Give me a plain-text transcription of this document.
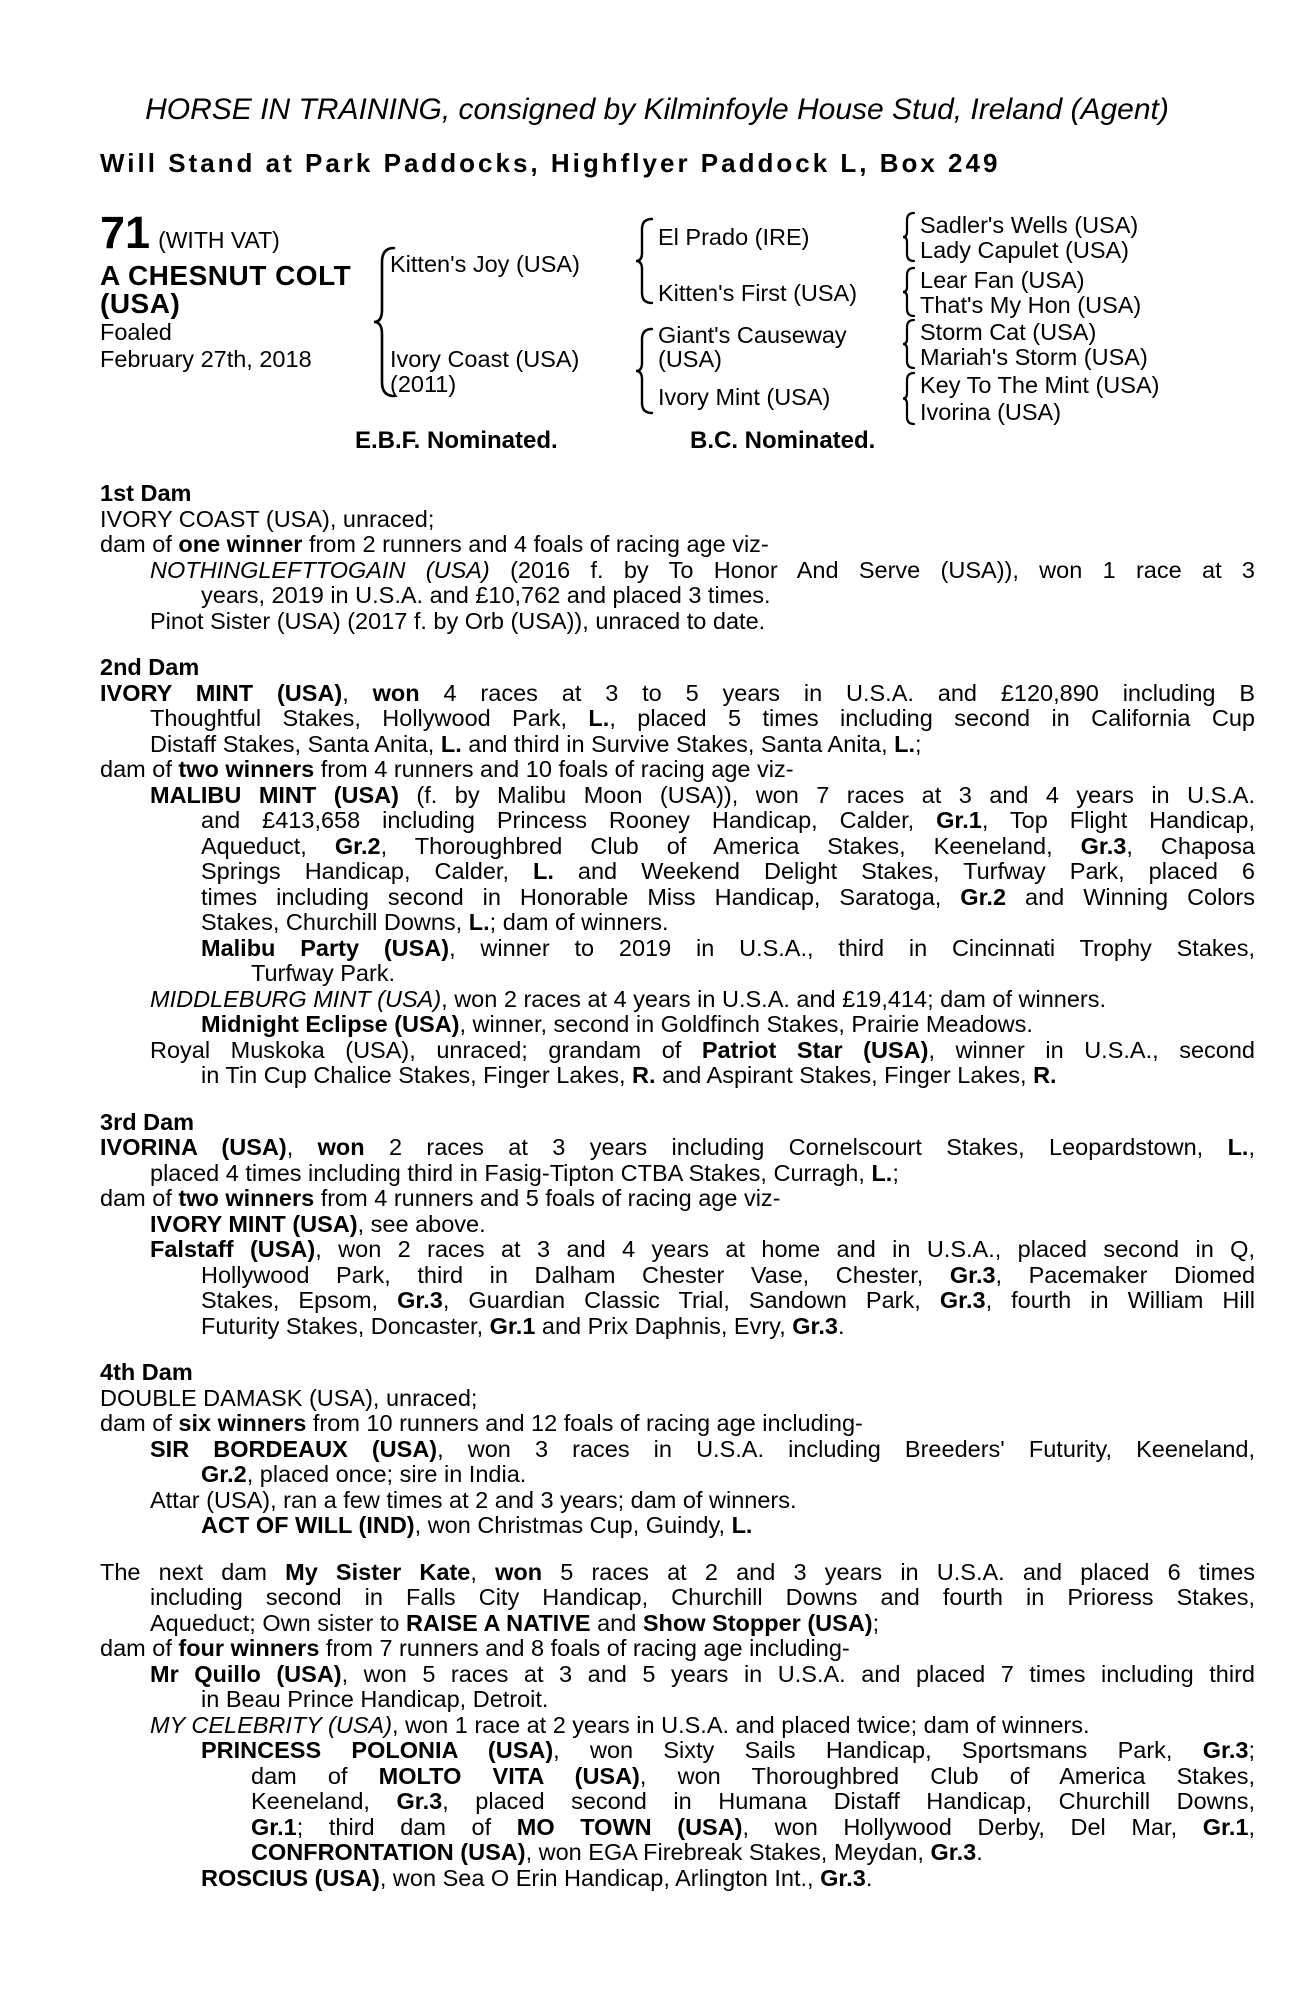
HORSE IN TRAINING, consigned by Kilminfoyle House Stud, Ireland (Agent)
Will Stand at Park Paddocks, Highflyer Paddock L, Box 249
71 (WITH VAT)
A CHESNUT COLT
(USA)
Foaled
February 27th, 2018
Kitten's Joy (USA)
Ivory Coast (USA)
(2011)
El Prado (IRE)
Kitten's First (USA)
Giant's Causeway
(USA)
Ivory Mint (USA)
Sadler's Wells (USA)
Lady Capulet (USA)
Lear Fan (USA)
That's My Hon (USA)
Storm Cat (USA)
Mariah's Storm (USA)
Key To The Mint (USA)
Ivorina (USA)
E.B.F. Nominated.	B.C. Nominated.
1st Dam
IVORY COAST (USA), unraced;
dam of one winner from 2 runners and 4 foals of racing age viz-
NOTHINGLEFTTOGAIN (USA) (2016 f. by To Honor And Serve (USA)), won 1 race at 3
years, 2019 in U.S.A. and £10,762 and placed 3 times.
Pinot Sister (USA) (2017 f. by Orb (USA)), unraced to date.
2nd Dam
IVORY MINT (USA), won 4 races at 3 to 5 years in U.S.A. and £120,890 including B
Thoughtful Stakes, Hollywood Park, L., placed 5 times including second in California Cup
Distaff Stakes, Santa Anita, L. and third in Survive Stakes, Santa Anita, L.;
dam of two winners from 4 runners and 10 foals of racing age viz-
MALIBU MINT (USA) (f. by Malibu Moon (USA)), won 7 races at 3 and 4 years in U.S.A.
and £413,658 including Princess Rooney Handicap, Calder, Gr.1, Top Flight Handicap,
Aqueduct, Gr.2, Thoroughbred Club of America Stakes, Keeneland, Gr.3, Chaposa
Springs Handicap, Calder, L. and Weekend Delight Stakes, Turfway Park, placed 6
times including second in Honorable Miss Handicap, Saratoga, Gr.2 and Winning Colors
Stakes, Churchill Downs, L.; dam of winners.
Malibu Party (USA), winner to 2019 in U.S.A., third in Cincinnati Trophy Stakes,
Turfway Park.
MIDDLEBURG MINT (USA), won 2 races at 4 years in U.S.A. and £19,414; dam of winners.
Midnight Eclipse (USA), winner, second in Goldfinch Stakes, Prairie Meadows.
Royal Muskoka (USA), unraced; grandam of Patriot Star (USA), winner in U.S.A., second
in Tin Cup Chalice Stakes, Finger Lakes, R. and Aspirant Stakes, Finger Lakes, R.
3rd Dam
IVORINA (USA), won 2 races at 3 years including Cornelscourt Stakes, Leopardstown, L.,
placed 4 times including third in Fasig-Tipton CTBA Stakes, Curragh, L.;
dam of two winners from 4 runners and 5 foals of racing age viz-
IVORY MINT (USA), see above.
Falstaff (USA), won 2 races at 3 and 4 years at home and in U.S.A., placed second in Q,
Hollywood Park, third in Dalham Chester Vase, Chester, Gr.3, Pacemaker Diomed
Stakes, Epsom, Gr.3, Guardian Classic Trial, Sandown Park, Gr.3, fourth in William Hill
Futurity Stakes, Doncaster, Gr.1 and Prix Daphnis, Evry, Gr.3.
4th Dam
DOUBLE DAMASK (USA), unraced;
dam of six winners from 10 runners and 12 foals of racing age including-
SIR BORDEAUX (USA), won 3 races in U.S.A. including Breeders' Futurity, Keeneland,
Gr.2, placed once; sire in India.
Attar (USA), ran a few times at 2 and 3 years; dam of winners.
ACT OF WILL (IND), won Christmas Cup, Guindy, L.
The next dam My Sister Kate, won 5 races at 2 and 3 years in U.S.A. and placed 6 times
including second in Falls City Handicap, Churchill Downs and fourth in Prioress Stakes,
Aqueduct; Own sister to RAISE A NATIVE and Show Stopper (USA);
dam of four winners from 7 runners and 8 foals of racing age including-
Mr Quillo (USA), won 5 races at 3 and 5 years in U.S.A. and placed 7 times including third
in Beau Prince Handicap, Detroit.
MY CELEBRITY (USA), won 1 race at 2 years in U.S.A. and placed twice; dam of winners.
PRINCESS POLONIA (USA), won Sixty Sails Handicap, Sportsmans Park, Gr.3;
dam of MOLTO VITA (USA), won Thoroughbred Club of America Stakes,
Keeneland, Gr.3, placed second in Humana Distaff Handicap, Churchill Downs,
Gr.1; third dam of MO TOWN (USA), won Hollywood Derby, Del Mar, Gr.1,
CONFRONTATION (USA), won EGA Firebreak Stakes, Meydan, Gr.3.
ROSCIUS (USA), won Sea O Erin Handicap, Arlington Int., Gr.3.
